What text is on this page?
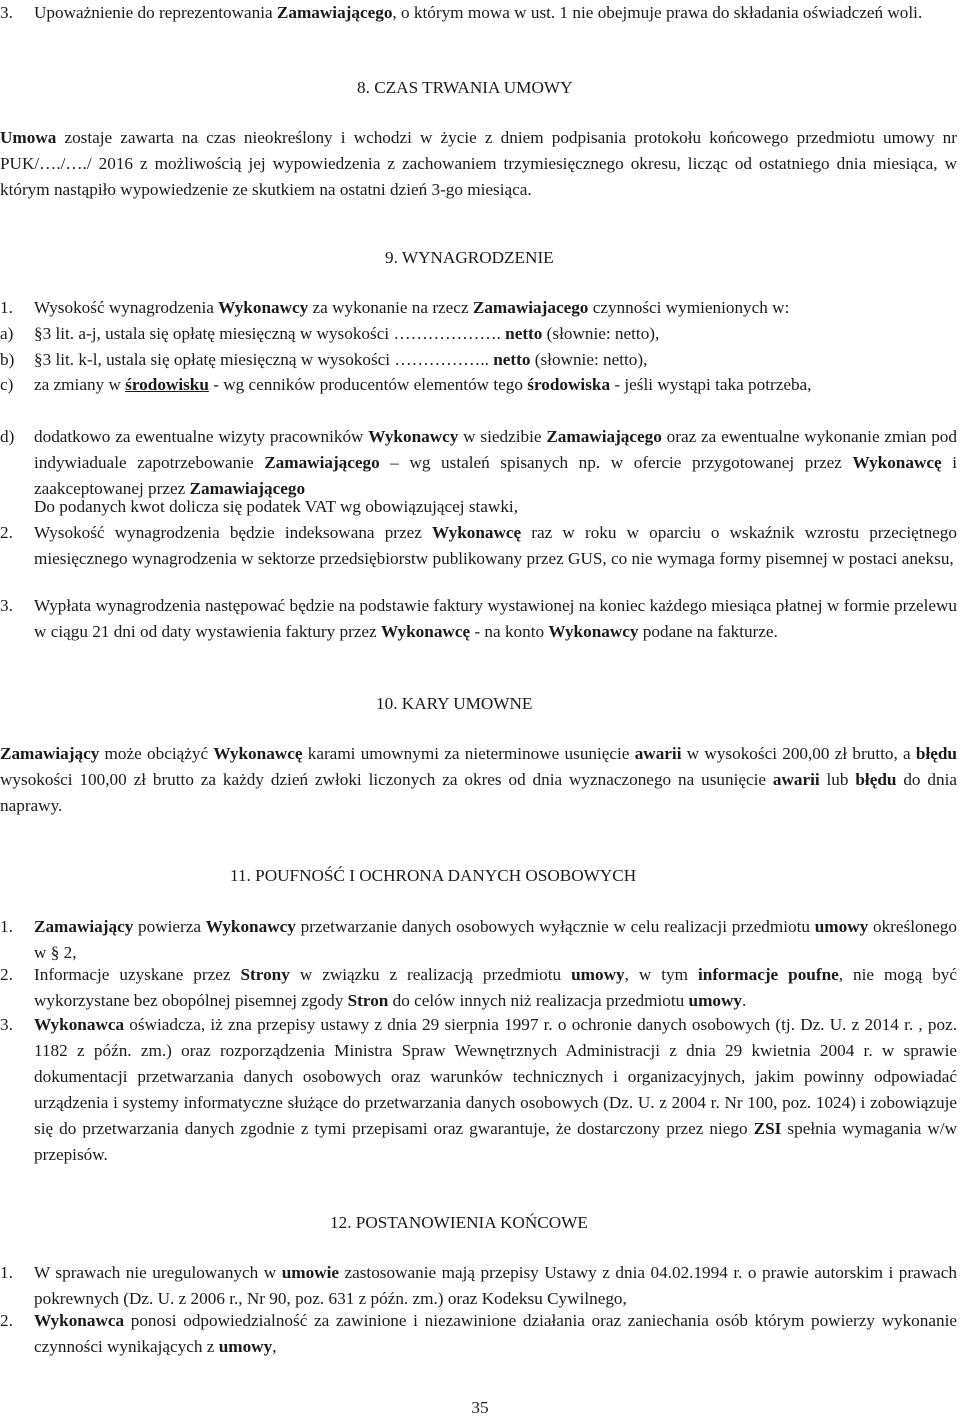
3.	Upoważnienie do reprezentowania Zamawiającego, o którym mowa w ust. 1 nie obejmuje prawa do składania oświadczeń woli.

8. CZAS TRWANIA UMOWY

Umowa zostaje zawarta na czas nieokreślony i wchodzi w życie z dniem podpisania protokołu końcowego przedmiotu umowy nr PUK/…./…./ 2016 z możliwością jej wypowiedzenia z zachowaniem trzymiesięcznego okresu, licząc od ostatniego dnia miesiąca, w którym nastąpiło wypowiedzenie ze skutkiem na ostatni dzień 3-go miesiąca.

9. WYNAGRODZENIE

1.	Wysokość wynagrodzenia Wykonawcy za wykonanie na rzecz Zamawiajacego czynności wymienionych w:
a)	§3 lit. a-j, ustala się opłatę miesięczną w wysokości ………………. netto (słownie: netto),
b)	§3 lit. k-l, ustala się opłatę miesięczną w wysokości …………….. netto (słownie: netto),
c)	za zmiany w środowisku - wg cenników producentów elementów tego środowiska - jeśli wystąpi taka potrzeba,
d)	dodatkowo za ewentualne wizyty pracowników Wykonawcy w siedzibie Zamawiającego oraz za ewentualne wykonanie zmian pod indywiaduale zapotrzebowanie Zamawiającego – wg ustaleń spisanych np. w ofercie przygotowanej przez Wykonawcę i zaakceptowanej przez Zamawiającego

Do podanych kwot dolicza się podatek VAT wg obowiązującej stawki,

2.	Wysokość wynagrodzenia będzie indeksowana przez Wykonawcę raz w roku w oparciu o wskaźnik wzrostu przeciętnego miesięcznego wynagrodzenia w sektorze przedsiębiorstw publikowany przez GUS, co nie wymaga formy pisemnej w postaci aneksu,
3.	Wypłata wynagrodzenia następować będzie na podstawie faktury wystawionej na koniec każdego miesiąca płatnej w formie przelewu w ciągu 21 dni od daty wystawienia faktury przez Wykonawcę - na konto Wykonawcy podane na fakturze.

10. KARY UMOWNE

Zamawiający może obciążyć Wykonawcę karami umownymi za nieterminowe usunięcie awarii w wysokości 200,00 zł brutto, a błędu wysokości 100,00 zł brutto za każdy dzień zwłoki liczonych za okres od dnia wyznaczonego na usunięcie awarii lub błędu do dnia naprawy.

11. POUFNOŚĆ I OCHRONA DANYCH OSOBOWYCH

1.	Zamawiający powierza Wykonawcy przetwarzanie danych osobowych wyłącznie w celu realizacji przedmiotu umowy określonego w § 2,
2.	Informacje uzyskane przez Strony w związku z realizacją przedmiotu umowy, w tym informacje poufne, nie mogą być wykorzystane bez obopólnej pisemnej zgody Stron do celów innych niż realizacja przedmiotu umowy.
3.	Wykonawca oświadcza, iż zna przepisy ustawy z dnia 29 sierpnia 1997 r. o ochronie danych osobowych (tj. Dz. U. z 2014 r. , poz. 1182 z późn. zm.) oraz rozporządzenia Ministra Spraw Wewnętrznych Administracji z dnia 29 kwietnia 2004 r. w sprawie dokumentacji przetwarzania danych osobowych oraz warunków technicznych i organizacyjnych, jakim powinny odpowiadać urządzenia i systemy informatyczne służące do przetwarzania danych osobowych (Dz. U. z 2004 r. Nr 100, poz. 1024) i zobowiązuje się do przetwarzania danych zgodnie z tymi przepisami oraz gwarantuje, że dostarczony przez niego ZSI spełnia wymagania w/w przepisów.

12. POSTANOWIENIA KOŃCOWE

1.	W sprawach nie uregulowanych w umowie zastosowanie mają przepisy Ustawy z dnia 04.02.1994 r. o prawie autorskim i prawach pokrewnych (Dz. U. z 2006 r., Nr 90, poz. 631 z późn. zm.) oraz Kodeksu Cywilnego,
2.	Wykonawca ponosi odpowiedzialność za zawinione i niezawinione działania oraz zaniechania osób którym powierzy wykonanie czynności wynikających z umowy,
35
